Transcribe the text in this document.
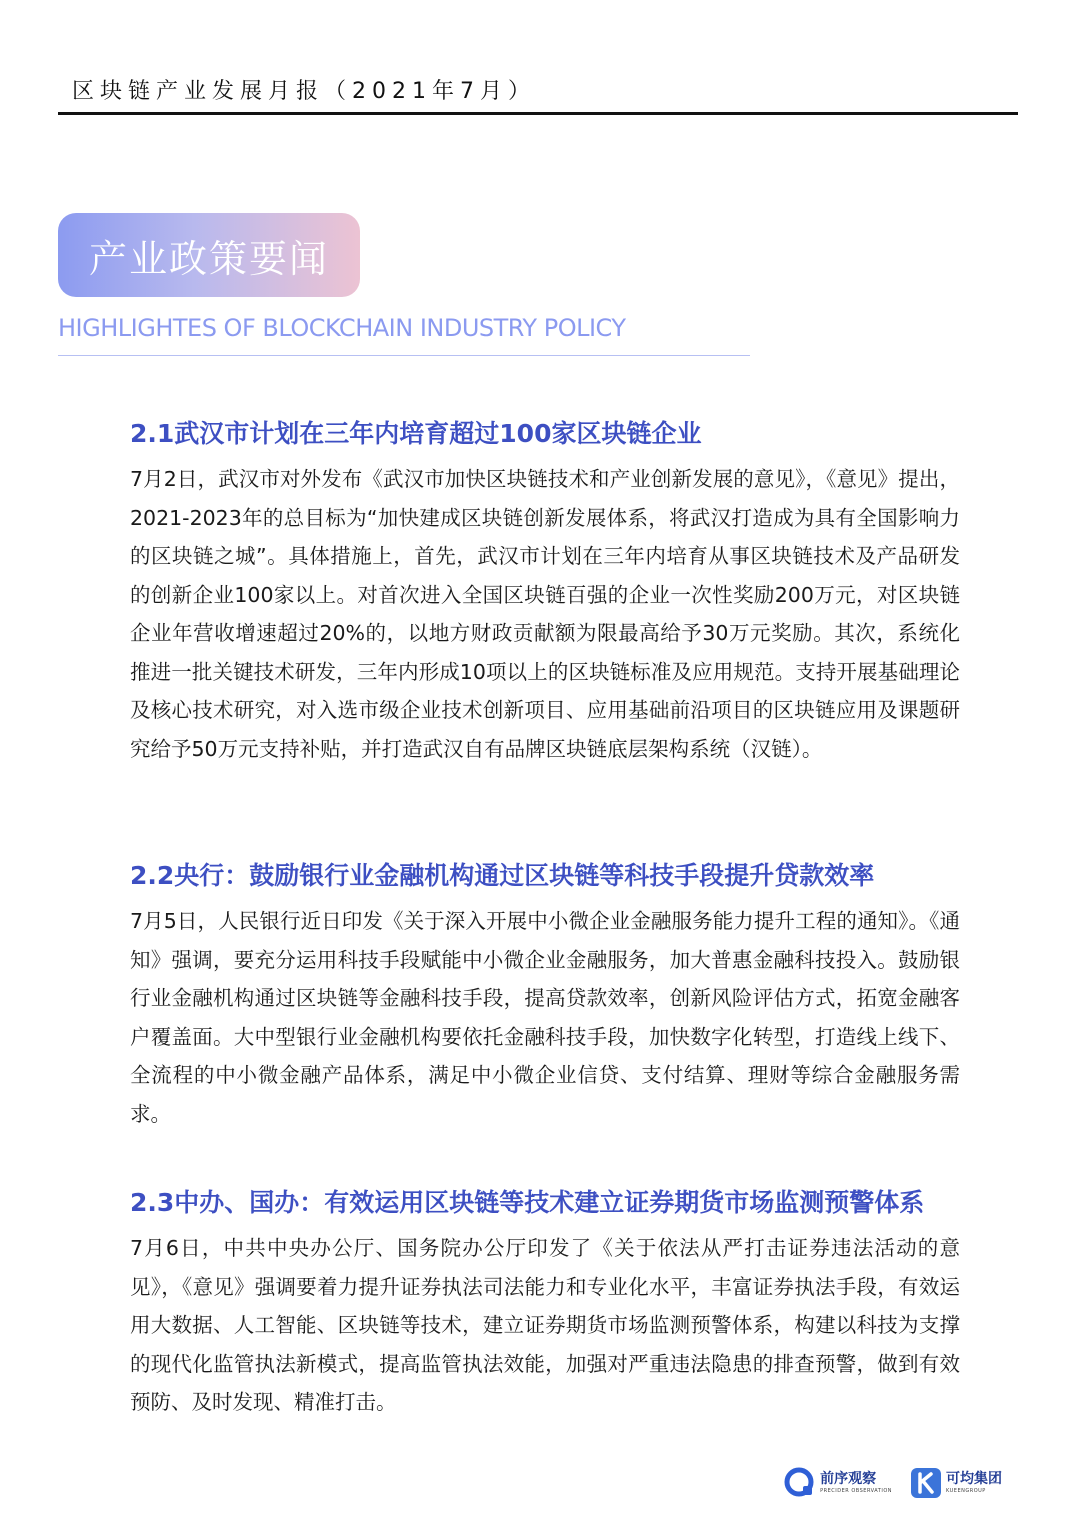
区块链产业发展月报（2021年7月）
产业政策要闻
HIGHLIGHTES OF BLOCKCHAIN INDUSTRY POLICY
2.1武汉市计划在三年内培育超过100家区块链企业

7月2日，武汉市对外发布《武汉市加快区块链技术和产业创新发展的意见》，《意见》提出，2021-2023年的总目标为“加快建成区块链创新发展体系，将武汉打造成为具有全国影响力的区块链之城”。具体措施上，首先，武汉市计划在三年内培育从事区块链技术及产品研发的创新企业100家以上。对首次进入全国区块链百强的企业一次性奖励200万元，对区块链企业年营收增速超过20%的，以地方财政贡献额为限最高给予30万元奖励。其次，系统化推进一批关键技术研发，三年内形成10项以上的区块链标准及应用规范。支持开展基础理论及核心技术研究，对入选市级企业技术创新项目、应用基础前沿项目的区块链应用及课题研究给予50万元支持补贴，并打造武汉自有品牌区块链底层架构系统（汉链）。

2.2央行：鼓励银行业金融机构通过区块链等科技手段提升贷款效率

7月5日，人民银行近日印发《关于深入开展中小微企业金融服务能力提升工程的通知》。《通知》强调，要充分运用科技手段赋能中小微企业金融服务，加大普惠金融科技投入。鼓励银行业金融机构通过区块链等金融科技手段，提高贷款效率，创新风险评估方式，拓宽金融客户覆盖面。大中型银行业金融机构要依托金融科技手段，加快数字化转型，打造线上线下、全流程的中小微金融产品体系，满足中小微企业信贷、支付结算、理财等综合金融服务需求。

2.3中办、国办：有效运用区块链等技术建立证券期货市场监测预警体系

7月6日，中共中央办公厅、国务院办公厅印发了《关于依法从严打击证券违法活动的意见》，《意见》强调要着力提升证券执法司法能力和专业化水平，丰富证券执法手段，有效运用大数据、人工智能、区块链等技术，建立证券期货市场监测预警体系，构建以科技为支撑的现代化监管执法新模式，提高监管执法效能，加强对严重违法隐患的排查预警，做到有效预防、及时发现、精准打击。

前序观察
PRECIDER OBSERVATION
可均集团
KUEENGROUP
